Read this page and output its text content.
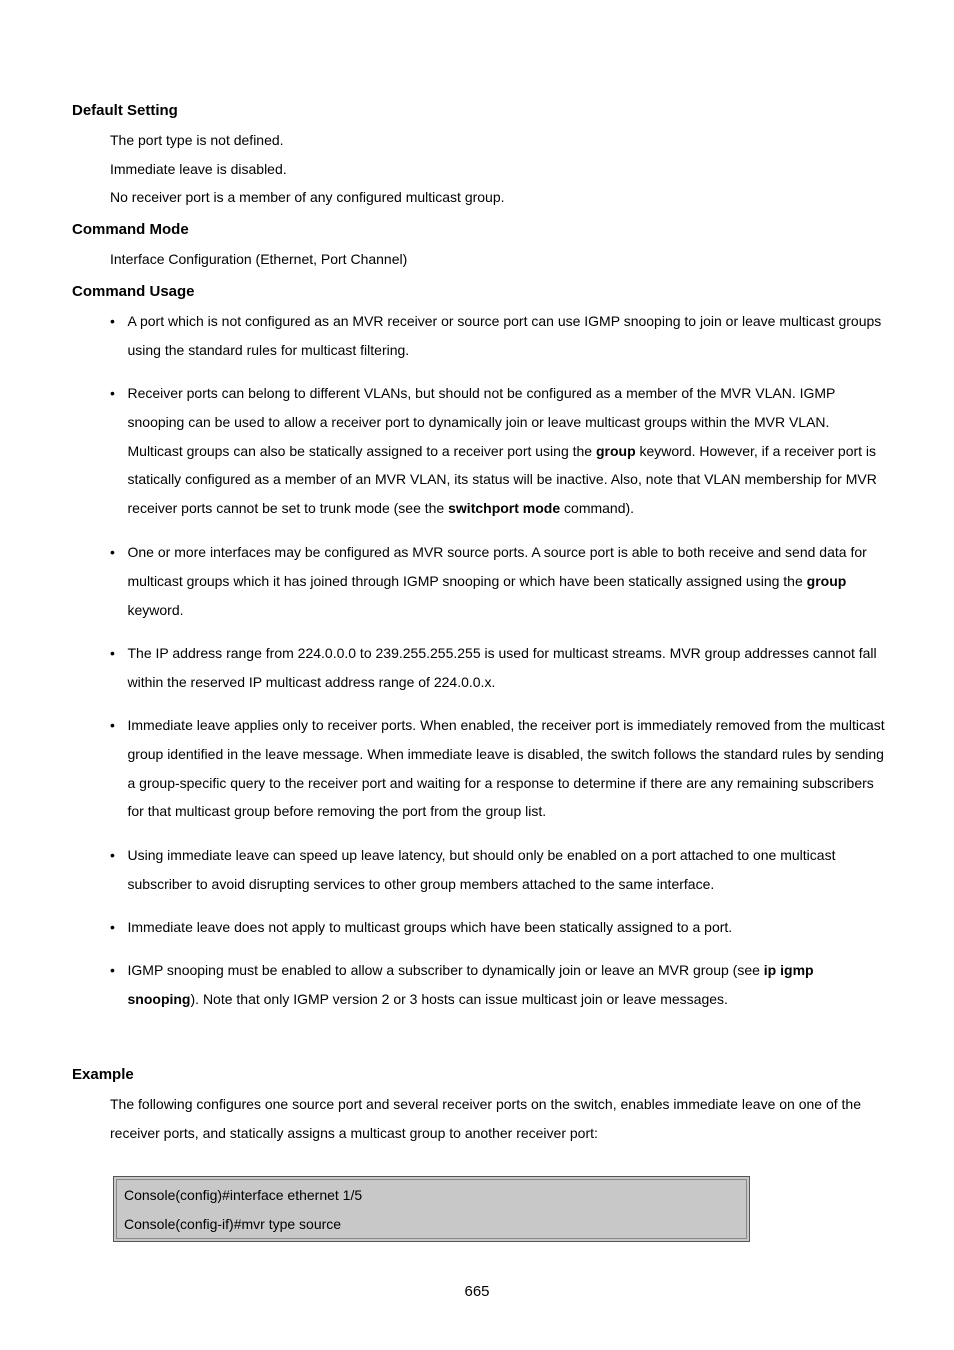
Default Setting

The port type is not defined.

Immediate leave is disabled.

No receiver port is a member of any configured multicast group.

Command Mode

Interface Configuration (Ethernet, Port Channel)

Command Usage
• A port which is not configured as an MVR receiver or source port can use IGMP snooping to join or leave multicast groups using the standard rules for multicast filtering.
• Receiver ports can belong to different VLANs, but should not be configured as a member of the MVR VLAN. IGMP snooping can be used to allow a receiver port to dynamically join or leave multicast groups within the MVR VLAN. Multicast groups can also be statically assigned to a receiver port using the group keyword. However, if a receiver port is statically configured as a member of an MVR VLAN, its status will be inactive. Also, note that VLAN membership for MVR receiver ports cannot be set to trunk mode (see the switchport mode command).
• One or more interfaces may be configured as MVR source ports. A source port is able to both receive and send data for multicast groups which it has joined through IGMP snooping or which have been statically assigned using the group keyword.
• The IP address range from 224.0.0.0 to 239.255.255.255 is used for multicast streams. MVR group addresses cannot fall within the reserved IP multicast address range of 224.0.0.x.
• Immediate leave applies only to receiver ports. When enabled, the receiver port is immediately removed from the multicast group identified in the leave message. When immediate leave is disabled, the switch follows the standard rules by sending a group-specific query to the receiver port and waiting for a response to determine if there are any remaining subscribers for that multicast group before removing the port from the group list.
• Using immediate leave can speed up leave latency, but should only be enabled on a port attached to one multicast subscriber to avoid disrupting services to other group members attached to the same interface.
• Immediate leave does not apply to multicast groups which have been statically assigned to a port.
• IGMP snooping must be enabled to allow a subscriber to dynamically join or leave an MVR group (see ip igmp snooping). Note that only IGMP version 2 or 3 hosts can issue multicast join or leave messages.
Example
The following configures one source port and several receiver ports on the switch, enables immediate leave on one of the receiver ports, and statically assigns a multicast group to another receiver port:
Console(config)#interface ethernet 1/5
Console(config-if)#mvr type source
665
